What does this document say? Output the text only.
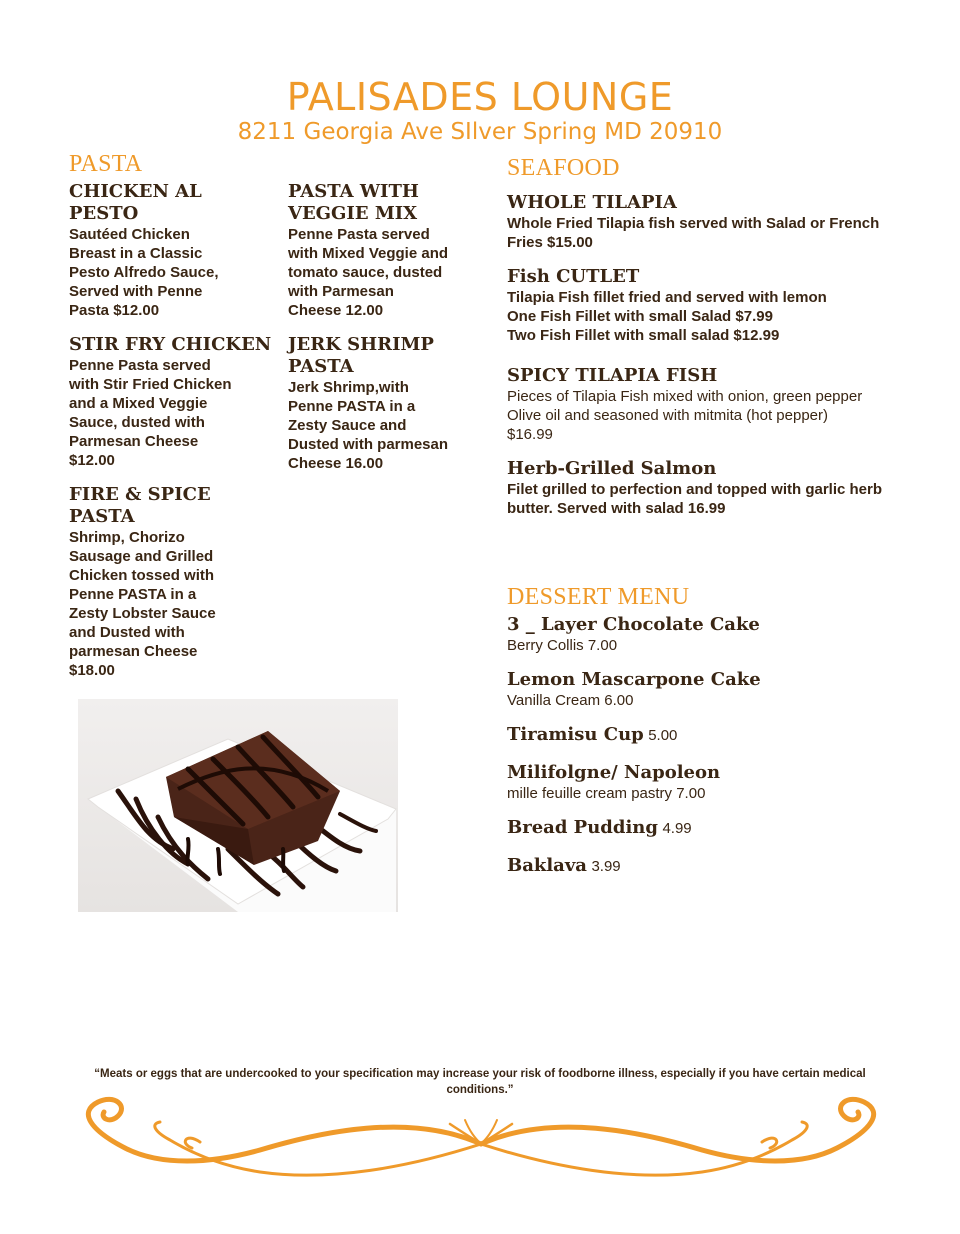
PALISADES LOUNGE
8211 Georgia Ave SIlver Spring MD 20910
PASTA
CHICKEN AL PESTO
Sautéed Chicken
Breast in a Classic
Pesto Alfredo Sauce,
Served with Penne
Pasta $12.00
STIR FRY CHICKEN
Penne Pasta served
with Stir Fried Chicken
and a Mixed Veggie
Sauce, dusted with
Parmesan Cheese
$12.00
FIRE & SPICE PASTA
Shrimp, Chorizo
Sausage and Grilled
Chicken tossed with
Penne PASTA in a
Zesty Lobster Sauce
and Dusted with
parmesan Cheese
$18.00
PASTA WITH VEGGIE MIX
Penne Pasta served
with Mixed Veggie and
tomato sauce, dusted
with Parmesan
Cheese 12.00
JERK SHRIMP PASTA
Jerk Shrimp,with
Penne PASTA in a
Zesty Sauce and
Dusted with parmesan
Cheese 16.00
SEAFOOD
WHOLE TILAPIA
Whole Fried Tilapia fish served with Salad or French
Fries $15.00
Fish CUTLET
Tilapia Fish fillet fried and served with lemon
One Fish Fillet with small Salad $7.99
Two Fish Fillet with small salad $12.99
SPICY TILAPIA FISH
Pieces of Tilapia Fish mixed with onion, green pepper
Olive oil and seasoned with mitmita (hot pepper)
$16.99
Herb-Grilled Salmon
Filet grilled to perfection and topped with garlic herb
butter. Served with salad 16.99
DESSERT MENU
3 _ Layer Chocolate Cake
Berry Collis 7.00
Lemon Mascarpone Cake
Vanilla Cream 6.00
Tiramisu Cup 5.00
Milifolgne/ Napoleon
mille feuille cream pastry 7.00
Bread Pudding 4.99
Baklava 3.99
“Meats or eggs that are undercooked to your specification may increase your risk of foodborne illness, especially if you have certain medical conditions.”
